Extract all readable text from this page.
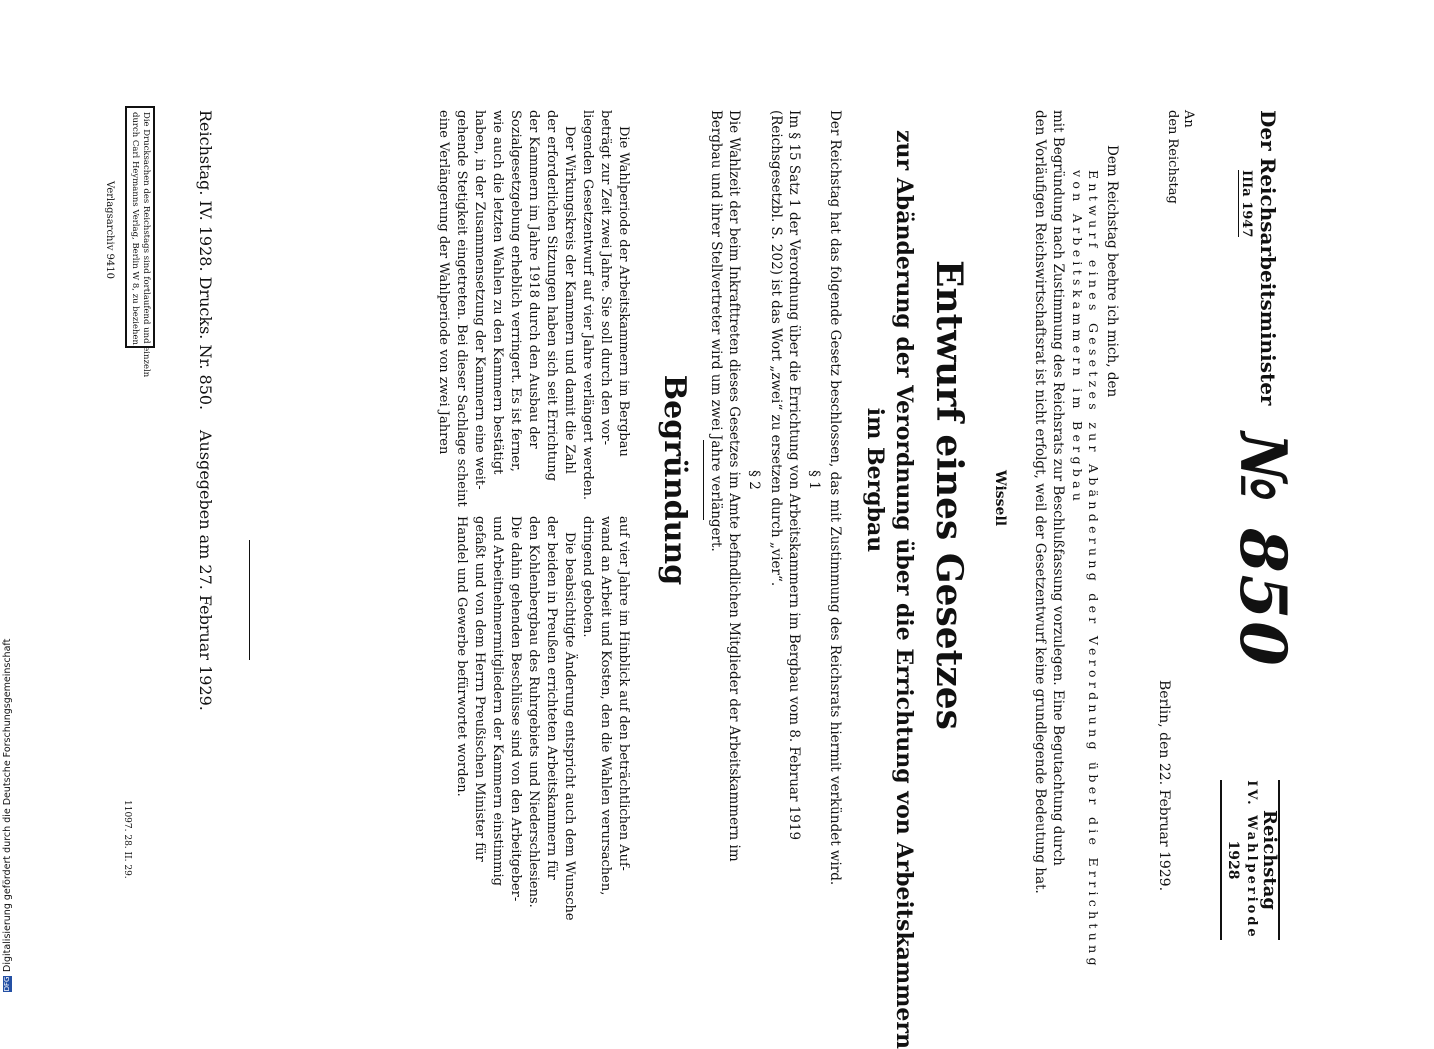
Reichstag
IV. Wahlperiode
1928
№ 850
Der Reichsarbeitsminister
IIIa 1947
An
den Reichstag
Berlin, den 22. Februar 1929.
Dem Reichstag beehre ich mich, den
Entwurf eines Gesetzes zur Abänderung der Verordnung über die Errichtung
von Arbeitskammern im Bergbau
mit Begründung nach Zustimmung des Reichsrats zur Beschlußfassung vorzulegen. Eine Begutachtung durch
den Vorläufigen Reichswirtschaftsrat ist nicht erfolgt, weil der Gesetzentwurf keine grundlegende Bedeutung hat.
Wissell
Entwurf eines Gesetzes
zur Abänderung der Verordnung über die Errichtung von Arbeitskammern
im Bergbau
Der Reichstag hat das folgende Gesetz beschlossen, das mit Zustimmung des Reichsrats hiermit verkündet wird.
§ 1
Im § 15 Satz 1 der Verordnung über die Errichtung von Arbeitskammern im Bergbau vom 8. Februar 1919
(Reichsgesetzbl. S. 202) ist das Wort „zwei“ zu ersetzen durch „vier“.
§ 2
Die Wahlzeit der beim Inkrafttreten dieses Gesetzes im Amte befindlichen Mitglieder der Arbeitskammern im
Bergbau und ihrer Stellvertreter wird um zwei Jahre verlängert.
Begründung
Die Wahlperiode der Arbeitskammern im Bergbau
beträgt zur Zeit zwei Jahre. Sie soll durch den vor-
liegenden Gesetzentwurf auf vier Jahre verlängert werden.
Der Wirkungskreis der Kammern und damit die Zahl
der erforderlichen Sitzungen haben sich seit Errichtung
der Kammern im Jahre 1918 durch den Ausbau der
Sozialgesetzgebung erheblich verringert. Es ist ferner,
wie auch die letzten Wahlen zu den Kammern bestätigt
haben, in der Zusammensetzung der Kammern eine weit-
gehende Stetigkeit eingetreten. Bei dieser Sachlage scheint
eine Verlängerung der Wahlperiode von zwei Jahren
auf vier Jahre im Hinblick auf den beträchtlichen Auf-
wand an Arbeit und Kosten, den die Wahlen verursachen,
dringend geboten.
Die beabsichtigte Änderung entspricht auch dem Wunsche
der beiden in Preußen errichteten Arbeitskammern für
den Kohlenbergbau des Ruhrgebiets und Niederschlesiens.
Die dahin gehenden Beschlüsse sind von den Arbeitgeber-
und Arbeitnehmermitgliedern der Kammern einstimmig
gefaßt und von dem Herrn Preußischen Minister für
Handel und Gewerbe befürwortet worden.
Reichstag. IV. 1928. Drucks. Nr. 850.
Ausgegeben am 27. Februar 1929.
Die Drucksachen des Reichstags sind fortlaufend und einzeln
durch Carl Heymanns Verlag, Berlin W 8, zu beziehen.
Verlagsarchiv 9410
11097. 28. II. 29.
DFGDigitalisierung gefördert durch die Deutsche Forschungsgemeinschaft
